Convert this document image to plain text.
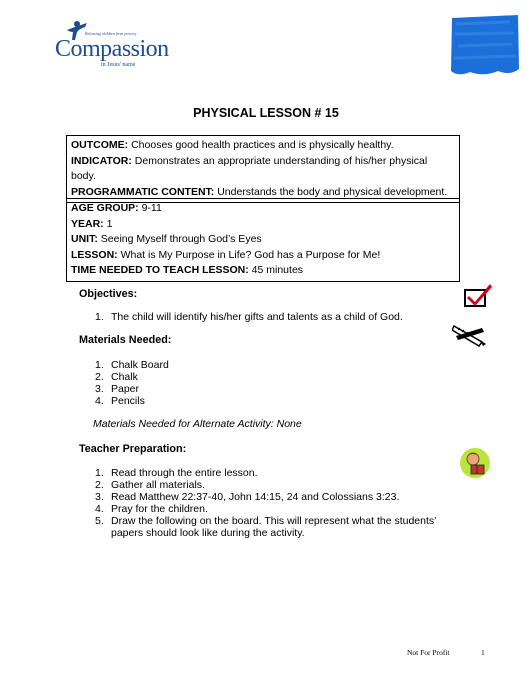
Releasing children from poverty
Compassion
in Jesus' name
PHYSICAL LESSON # 15
OUTCOME: Chooses good health practices and is physically healthy.
INDICATOR: Demonstrates an appropriate understanding of his/her physical body.
PROGRAMMATIC CONTENT: Understands the body and physical development.
AGE GROUP: 9-11
YEAR: 1
UNIT: Seeing Myself through God’s Eyes
LESSON: What is My Purpose in Life? God has a Purpose for Me!
TIME NEEDED TO TEACH LESSON: 45 minutes
Objectives:
1. The child will identify his/her gifts and talents as a child of God.
Materials Needed:
1. Chalk Board
2. Chalk
3. Paper
4. Pencils
Materials Needed for Alternate Activity: None
Teacher Preparation:
1. Read through the entire lesson.
2. Gather all materials.
3. Read Matthew 22:37-40, John 14:15, 24 and Colossians 3:23.
4. Pray for the children.
5. Draw the following on the board. This will represent what the students’ papers should look like during the activity.
Not For Profit	1
